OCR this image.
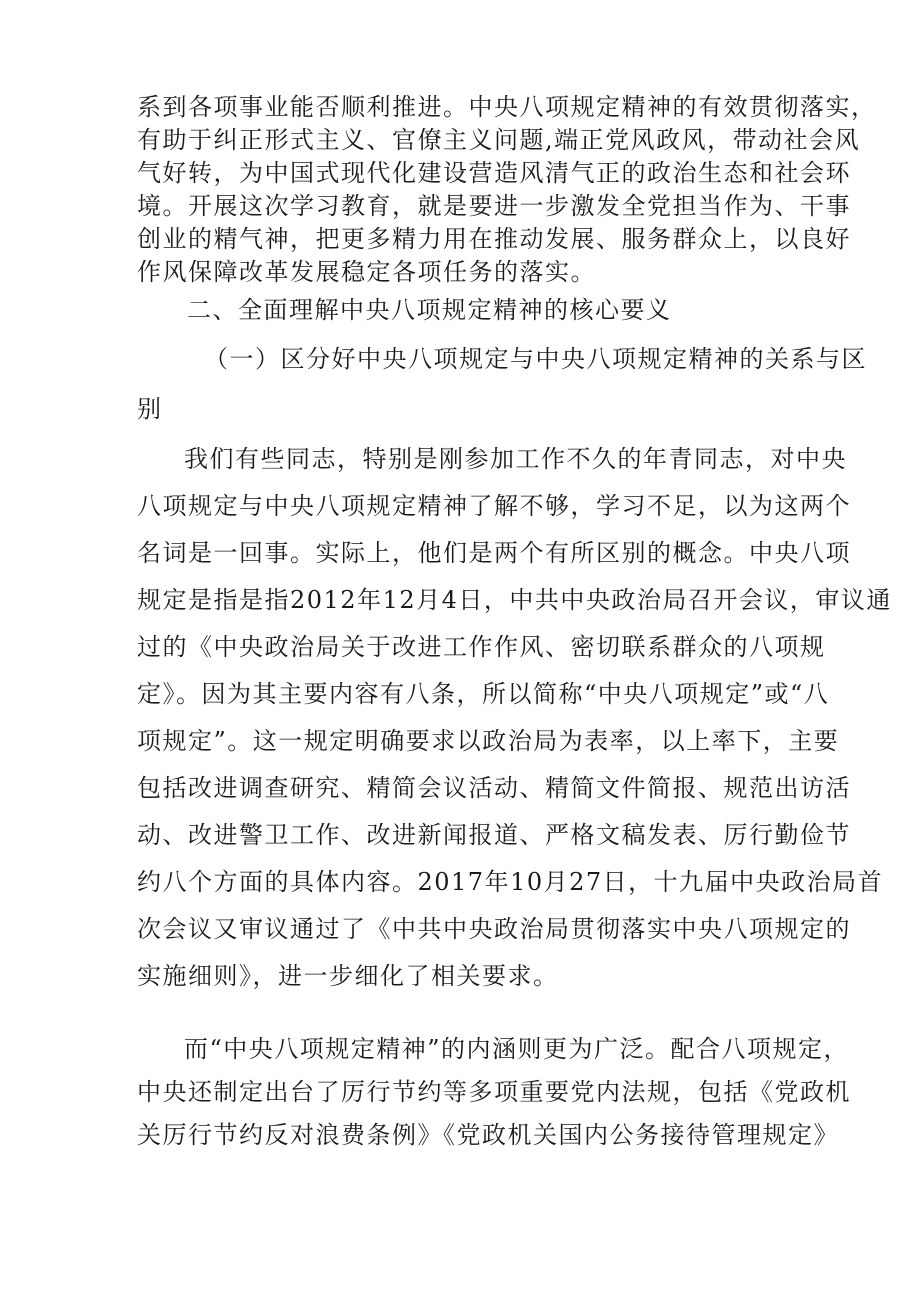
系到各项事业能否顺利推进。中央八项规定精神的有效贯彻落实，
有助于纠正形式主义、官僚主义问题,端正党风政风，带动社会风
气好转，为中国式现代化建设营造风清气正的政治生态和社会环
境。开展这次学习教育，就是要进一步激发全党担当作为、干事
创业的精气神，把更多精力用在推动发展、服务群众上，以良好
作风保障改革发展稳定各项任务的落实。
二、全面理解中央八项规定精神的核心要义
（一）区分好中央八项规定与中央八项规定精神的关系与区
别
我们有些同志，特别是刚参加工作不久的年青同志，对中央
八项规定与中央八项规定精神了解不够，学习不足，以为这两个
名词是一回事。实际上，他们是两个有所区别的概念。中央八项
规定是指是指2012年12月4日，中共中央政治局召开会议，审议通
过的《中央政治局关于改进工作作风、密切联系群众的八项规
定》。因为其主要内容有八条，所以简称“中央八项规定”或“八
项规定”。这一规定明确要求以政治局为表率，以上率下，主要
包括改进调查研究、精简会议活动、精简文件简报、规范出访活
动、改进警卫工作、改进新闻报道、严格文稿发表、厉行勤俭节
约八个方面的具体内容。2017年10月27日，十九届中央政治局首
次会议又审议通过了《中共中央政治局贯彻落实中央八项规定的
实施细则》，进一步细化了相关要求。
而“中央八项规定精神”的内涵则更为广泛。配合八项规定，
中央还制定出台了厉行节约等多项重要党内法规，包括《党政机
关厉行节约反对浪费条例》《党政机关国内公务接待管理规定》
